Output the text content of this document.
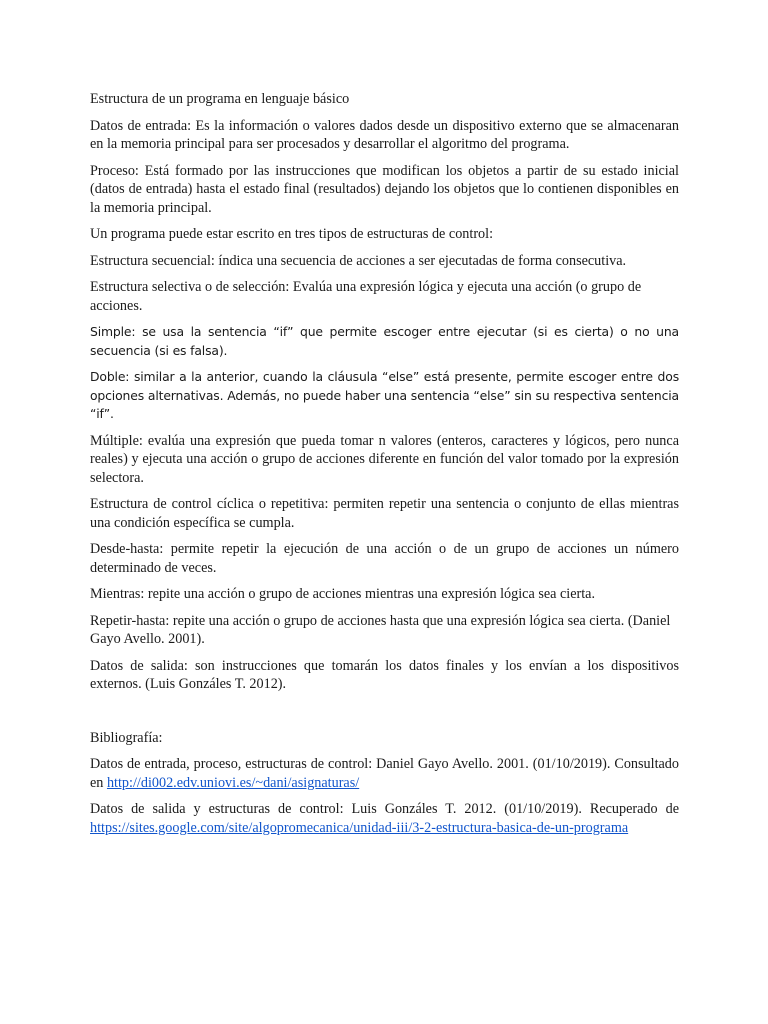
Estructura de un programa en lenguaje básico

Datos de entrada: Es la información o valores dados desde un dispositivo externo que se almacenaran en la memoria principal para ser procesados y desarrollar el algoritmo del programa.

Proceso: Está formado por las instrucciones que modifican los objetos a partir de su estado inicial (datos de entrada) hasta el estado final (resultados) dejando los objetos que lo contienen disponibles en la memoria principal.

Un programa puede estar escrito en tres tipos de estructuras de control:

Estructura secuencial: índica una secuencia de acciones a ser ejecutadas de forma consecutiva.

Estructura selectiva o de selección: Evalúa una expresión lógica y ejecuta una acción (o grupo de acciones.

Simple: se usa la sentencia “if” que permite escoger entre ejecutar (si es cierta) o no una secuencia (si es falsa).

Doble: similar a la anterior, cuando la cláusula “else” está presente, permite escoger entre dos opciones alternativas. Además, no puede haber una sentencia “else” sin su respectiva sentencia “if”.

Múltiple: evalúa una expresión que pueda tomar n valores (enteros, caracteres y lógicos, pero nunca reales) y ejecuta una acción o grupo de acciones diferente en función del valor tomado por la expresión selectora.

Estructura de control cíclica o repetitiva: permiten repetir una sentencia o conjunto de ellas mientras una condición específica se cumpla.

Desde-hasta: permite repetir la ejecución de una acción o de un grupo de acciones un número determinado de veces.

Mientras: repite una acción o grupo de acciones mientras una expresión lógica sea cierta.

Repetir-hasta: repite una acción o grupo de acciones hasta que una expresión lógica sea cierta. (Daniel Gayo Avello. 2001).

Datos de salida: son instrucciones que tomarán los datos finales y los envían a los dispositivos externos. (Luis Gonzáles T. 2012).

Bibliografía:

Datos de entrada, proceso, estructuras de control: Daniel Gayo Avello. 2001. (01/10/2019). Consultado en http://di002.edv.uniovi.es/~dani/asignaturas/

Datos de salida y estructuras de control: Luis Gonzáles T. 2012. (01/10/2019). Recuperado de https://sites.google.com/site/algopromecanica/unidad-iii/3-2-estructura-basica-de-un-programa
